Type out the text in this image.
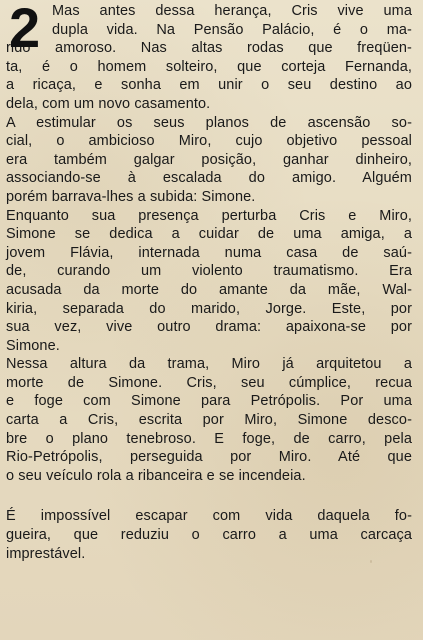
2 Mas antes dessa herança, Cris vive uma
dupla vida. Na Pensão Palácio, é o ma-
rido amoroso. Nas altas rodas que freqüen-
ta, é o homem solteiro, que corteja Fernanda,
a ricaça, e sonha em unir o seu destino ao
dela, com um novo casamento.
A estimular os seus planos de ascensão so-
cial, o ambicioso Miro, cujo objetivo pessoal
era também galgar posição, ganhar dinheiro,
associando-se à escalada do amigo. Alguém
porém barrava-lhes a subida: Simone.
Enquanto sua presença perturba Cris e Miro,
Simone se dedica a cuidar de uma amiga, a
jovem Flávia, internada numa casa de saú-
de, curando um violento traumatismo. Era
acusada da morte do amante da mãe, Wal-
kiria, separada do marido, Jorge. Este, por
sua vez, vive outro drama: apaixona-se por
Simone.
Nessa altura da trama, Miro já arquitetou a
morte de Simone. Cris, seu cúmplice, recua
e foge com Simone para Petrópolis. Por uma
carta a Cris, escrita por Miro, Simone desco-
bre o plano tenebroso. E foge, de carro, pela
Rio-Petrópolis, perseguida por Miro. Até que
o seu veículo rola a ribanceira e se incendeia.
É impossível escapar com vida daquela fo-
gueira, que reduziu o carro a uma carcaça
imprestável.
